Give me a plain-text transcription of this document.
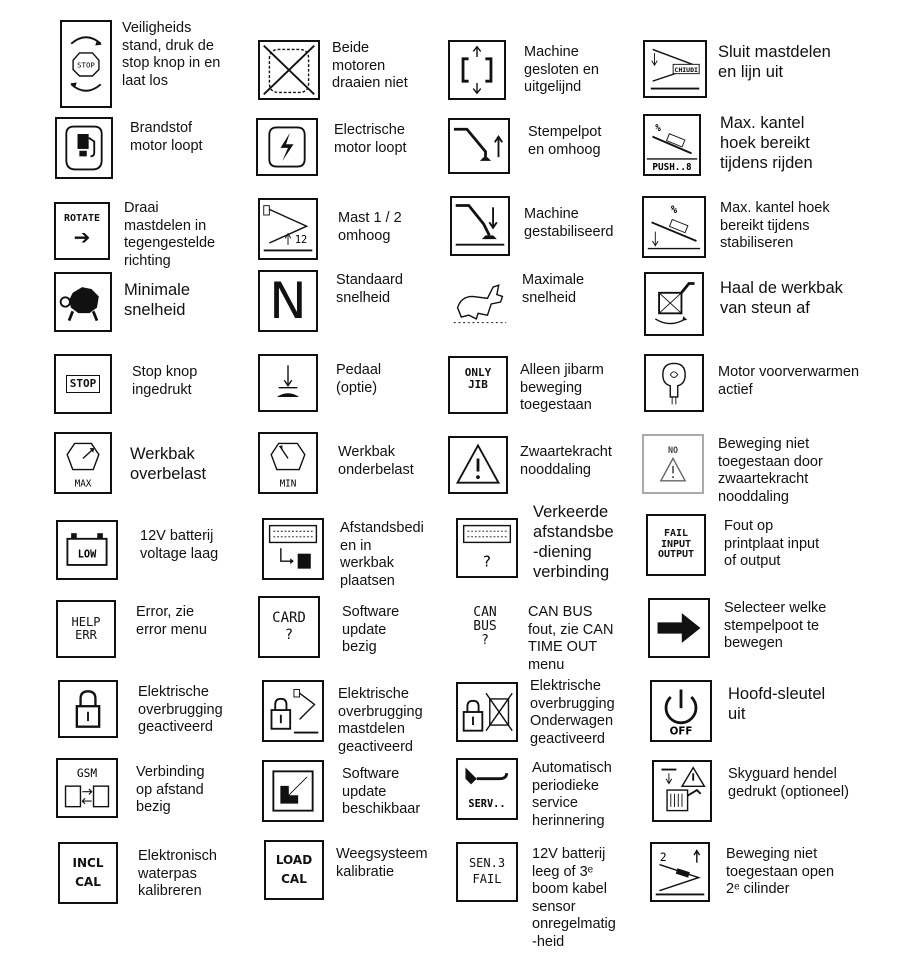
STOP
Veiligheids
stand, druk de
stop knop in en
laat los
Beide
motoren
draaien niet
Machine
gesloten en
uitgelijnd
CHIUDI
Sluit mastdelen
en lijn uit
Brandstof
motor loopt
Electrische
motor loopt
Stempelpot
en omhoog
%
PUSH..8
Max. kantel
hoek bereikt
tijdens rijden
ROTATE
➔
Draai
mastdelen in
tegengestelde
richting
12
Mast 1 / 2
omhoog
Machine
gestabiliseerd
%	Max. kantel hoek
bereikt tijdens
stabiliseren
Minimale
snelheid N Standaard
snelheid
Maximale
snelheid
Haal de werkbak
van steun af
STOP
Stop knop
ingedrukt
Pedaal
(optie)
ONLY
JIB
Alleen jibarm
beweging
toegestaan
Motor voorverwarmen
actief
MAX
Werkbak
overbelast
MIN
Werkbak
onderbelast
Zwaartekracht
nooddaling
NO	Beweging niet
toegestaan door
zwaartekracht
nooddaling
LOW
12V batterij
voltage laag
Afstandsbedi
en in
werkbak
plaatsen
?
Verkeerde
afstandsbe
-diening
verbinding
FAIL
INPUT
OUTPUT
Fout op
printplaat input
of output
HELP
ERR
Error, zie
error menu
CARD
?
Software
update
bezig
CAN
BUS
?
CAN BUS
fout, zie CAN
TIME OUT
menu
Selecteer welke
stempelpoot te
bewegen
Elektrische
overbrugging
geactiveerd
Elektrische
overbrugging
mastdelen
geactiveerd
Elektrische
overbrugging
Onderwagen
geactiveerd	OFF
Hoofd-sleutel
uit
GSM	Verbinding
op afstand
bezig
Software
update
beschikbaar	SERV..
Automatisch
periodieke
service
herinnering
Skyguard hendel
gedrukt (optioneel)
INCL
CAL
Elektronisch
waterpas
kalibreren
LOAD
CAL
Weegsysteem
kalibratie
SEN.3
FAIL
12V batterij
leeg of 3ᵉ
boom kabel
sensor
onregelmatig
-heid
2	Beweging niet
toegestaan open
2ᵉ cilinder
